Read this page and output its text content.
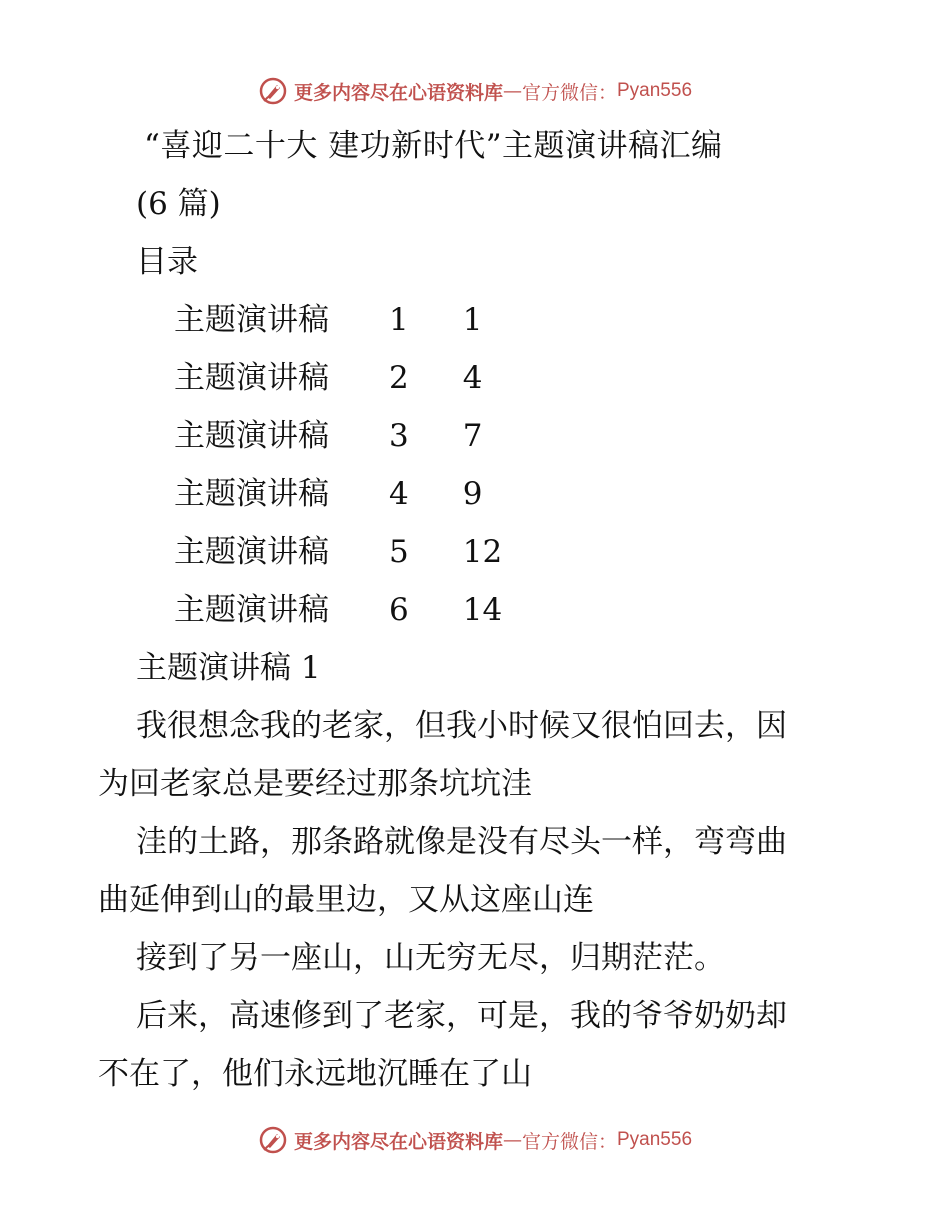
更多内容尽在心语资料库 — 官方微信： Pyan556
“喜迎二十大 建功新时代”主题演讲稿汇编
(6 篇)
目录
主题演讲稿 1 1
主题演讲稿 2 4
主题演讲稿 3 7
主题演讲稿 4 9
主题演讲稿 5 12
主题演讲稿 6 14
主题演讲稿 1
我很想念我的老家，但我小时候又很怕回去，因
为回老家总是要经过那条坑坑洼
洼的土路，那条路就像是没有尽头一样，弯弯曲
曲延伸到山的最里边，又从这座山连
接到了另一座山，山无穷无尽，归期茫茫。
后来，高速修到了老家，可是，我的爷爷奶奶却
不在了，他们永远地沉睡在了山
更多内容尽在心语资料库 — 官方微信： Pyan556
